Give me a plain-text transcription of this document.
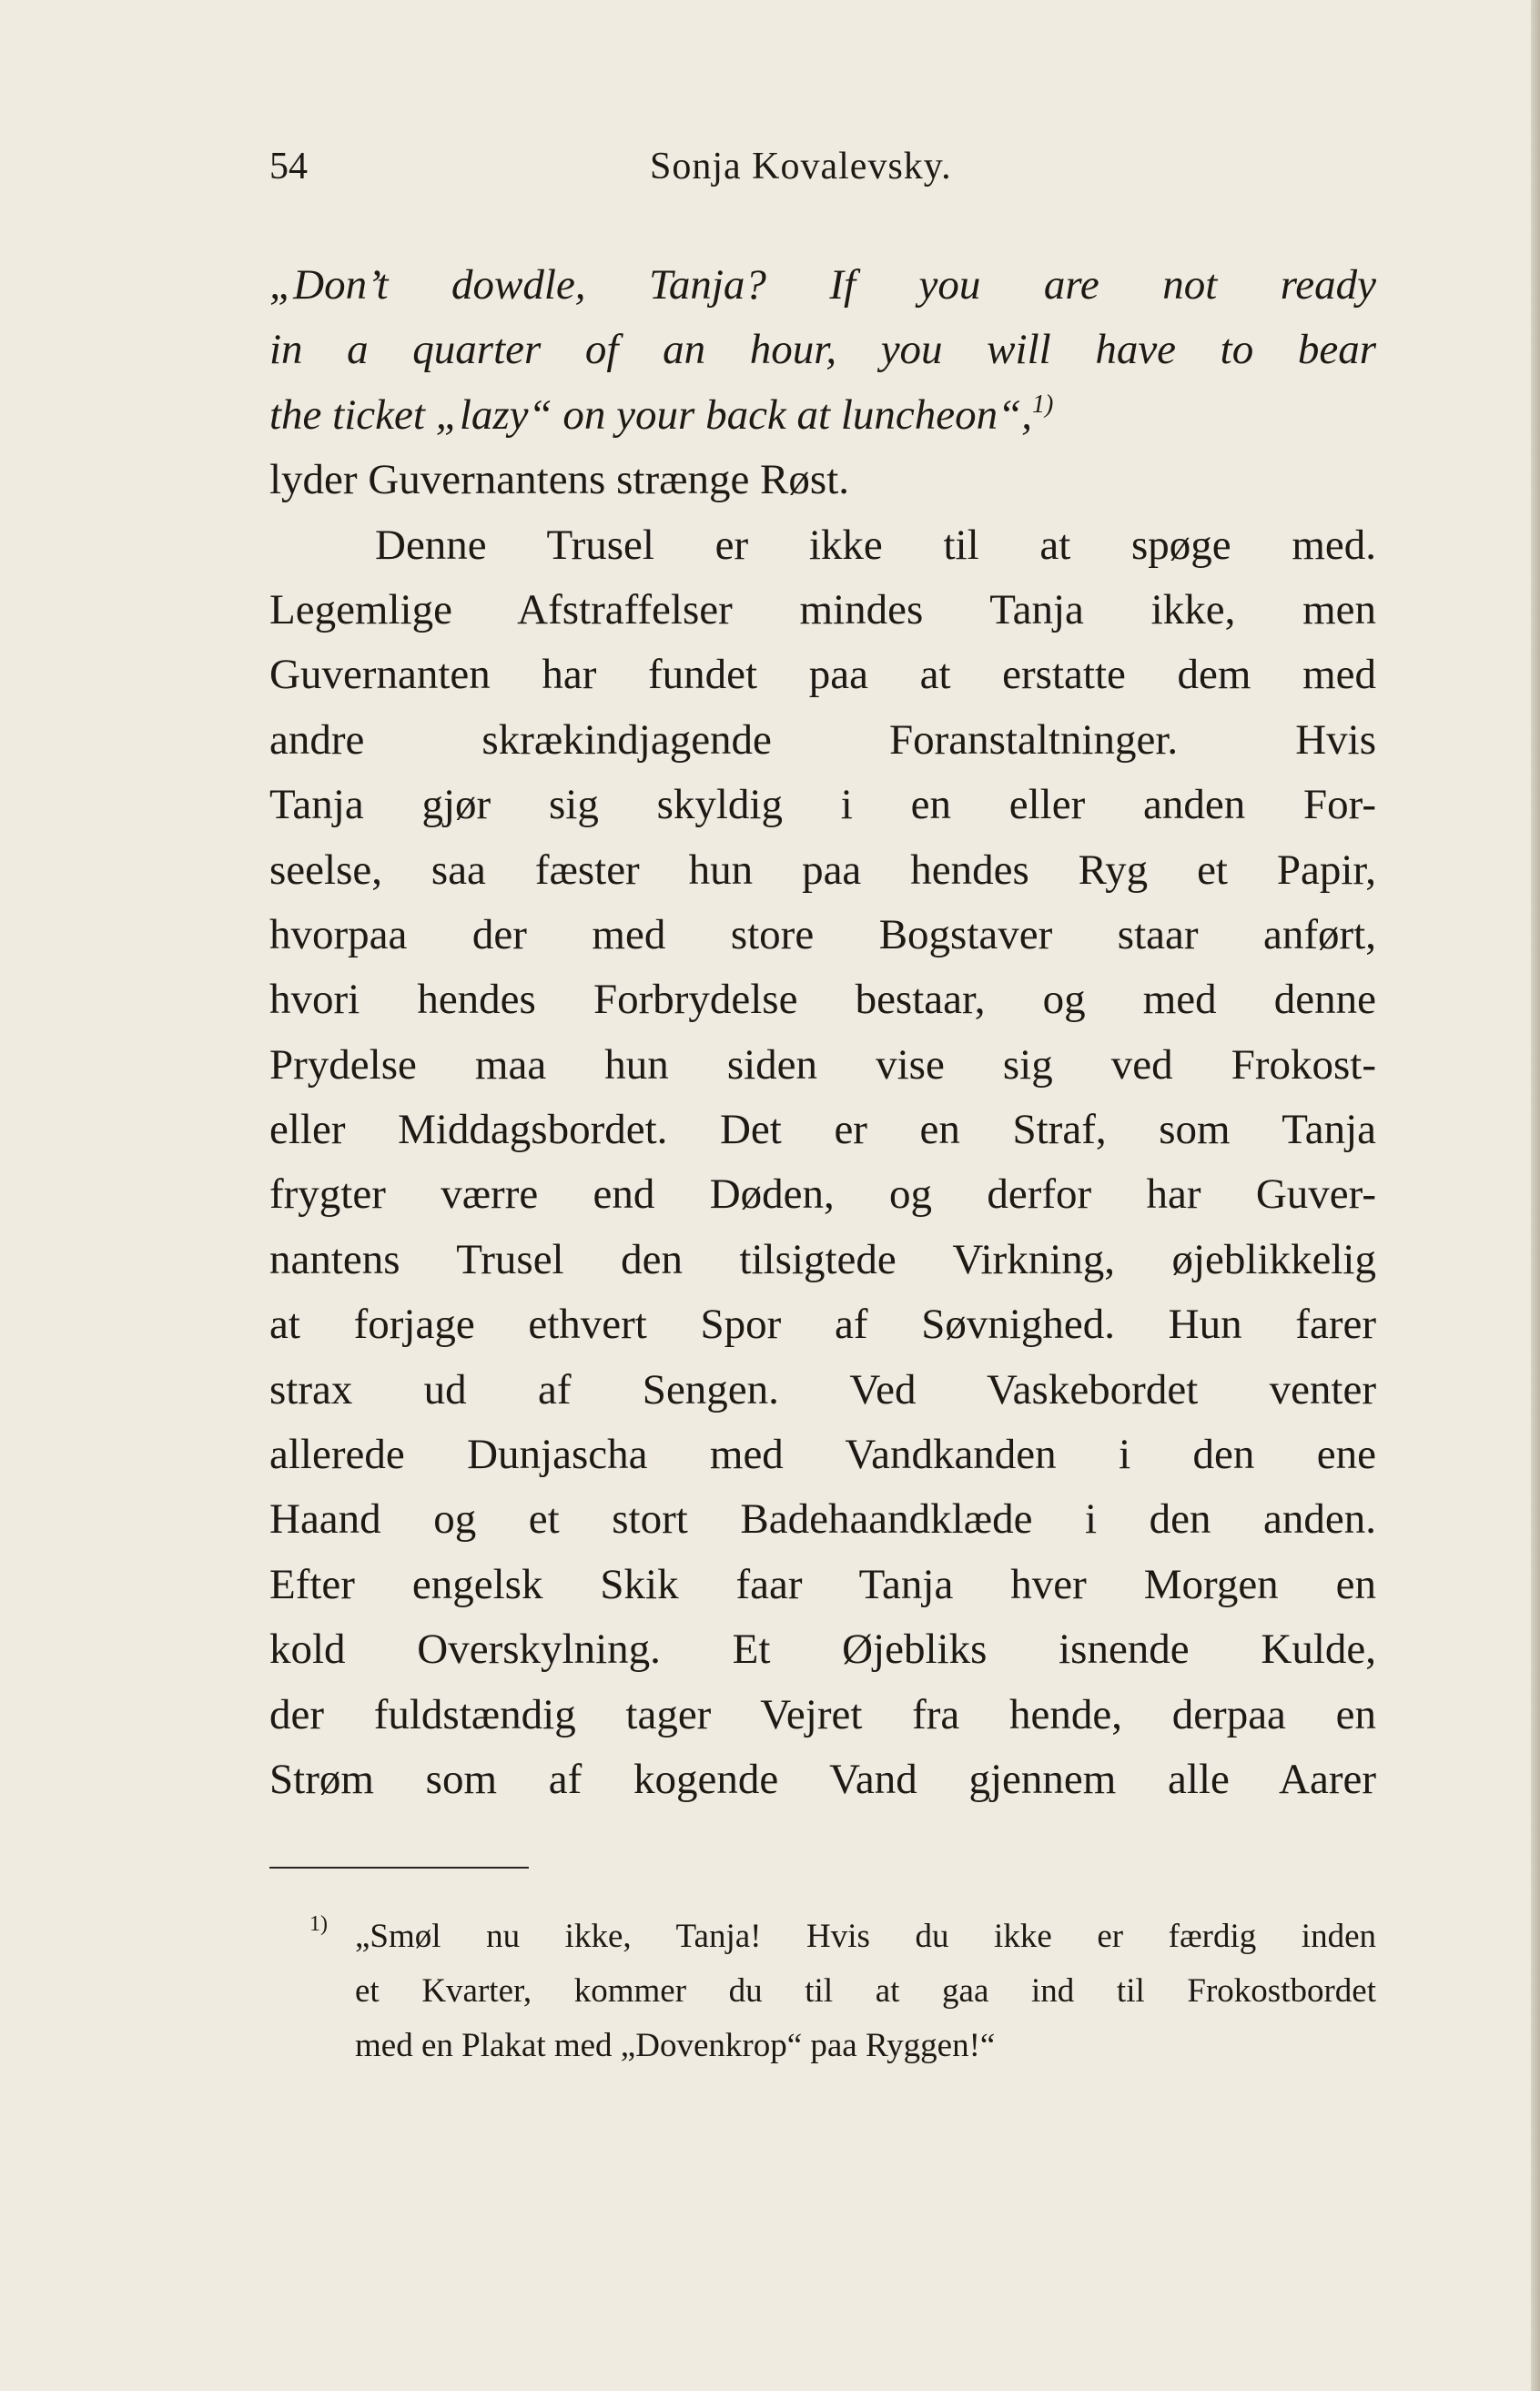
54	Sonja Kovalevsky.
„Don’t dowdle, Tanja? If you are not ready
in a quarter of an hour, you will have to bear
the ticket „lazy“ on your back at luncheon“,$^{1)}$
lyder Guvernantens strænge Røst.
Denne Trusel er ikke til at spøge med.
Legemlige Afstraffelser mindes Tanja ikke, men
Guvernanten har fundet paa at erstatte dem med
andre skrækindjagende Foranstaltninger. Hvis
Tanja gjør sig skyldig i en eller anden For-
seelse, saa fæster hun paa hendes Ryg et Papir,
hvorpaa der med store Bogstaver staar anført,
hvori hendes Forbrydelse bestaar, og med denne
Prydelse maa hun siden vise sig ved Frokost-
eller Middagsbordet. Det er en Straf, som Tanja
frygter værre end Døden, og derfor har Guver-
nantens Trusel den tilsigtede Virkning, øjeblikkelig
at forjage ethvert Spor af Søvnighed. Hun farer
strax ud af Sengen. Ved Vaskebordet venter
allerede Dunjascha med Vandkanden i den ene
Haand og et stort Badehaandklæde i den anden.
Efter engelsk Skik faar Tanja hver Morgen en
kold Overskylning. Et Øjebliks isnende Kulde,
der fuldstændig tager Vejret fra hende, derpaa en
Strøm som af kogende Vand gjennem alle Aarer
$^{1)}$ „Smøl nu ikke, Tanja! Hvis du ikke er færdig inden
et Kvarter, kommer du til at gaa ind til Frokostbordet
med en Plakat med „Dovenkrop“ paa Ryggen!“
